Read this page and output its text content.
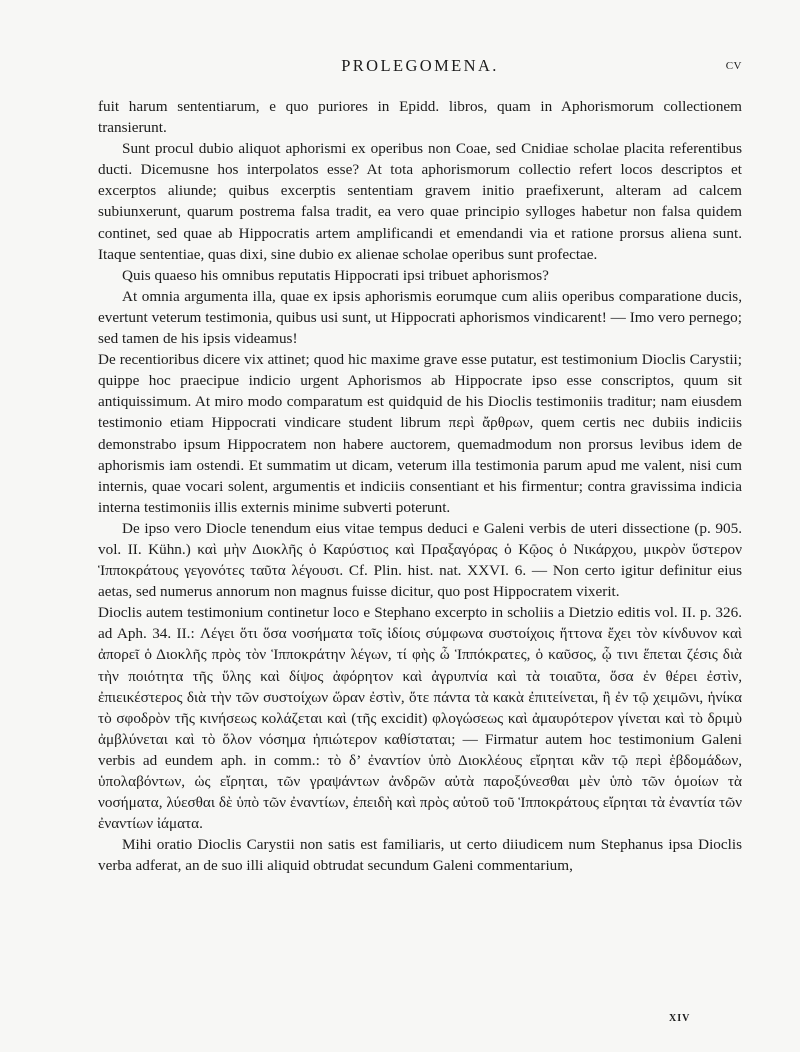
PROLEGOMENA.	cv

fuit harum sententiarum, e quo puriores in Epidd. libros, quam in Aphorismorum collectionem transierunt.

Sunt procul dubio aliquot aphorismi ex operibus non Coae, sed Cnidiae scholae placita referentibus ducti. Dicemusne hos interpolatos esse? At tota aphorismorum collectio refert locos descriptos et excerptos aliunde; quibus excerptis sententiam gravem initio praefixerunt, alteram ad calcem subiunxerunt, quarum postrema falsa tradit, ea vero quae principio sylloges habetur non falsa quidem continet, sed quae ab Hippocratis artem amplificandi et emendandi via et ratione prorsus aliena sunt. Itaque sententiae, quas dixi, sine dubio ex alienae scholae operibus sunt profectae.

Quis quaeso his omnibus reputatis Hippocrati ipsi tribuet aphorismos?

At omnia argumenta illa, quae ex ipsis aphorismis eorumque cum aliis operibus comparatione ducis, evertunt veterum testimonia, quibus usi sunt, ut Hippocrati aphorismos vindicarent! — Imo vero pernego; sed tamen de his ipsis videamus!

De recentioribus dicere vix attinet; quod hic maxime grave esse putatur, est testimonium Dioclis Carystii; quippe hoc praecipue indicio urgent Aphorismos ab Hippocrate ipso esse conscriptos, quum sit antiquissimum. At miro modo comparatum est quidquid de his Dioclis testimoniis traditur; nam eiusdem testimonio etiam Hippocrati vindicare student librum περὶ ἄρθρων, quem certis nec dubiis indiciis demonstrabo ipsum Hippocratem non habere auctorem, quemadmodum non prorsus levibus idem de aphorismis iam ostendi. Et summatim ut dicam, veterum illa testimonia parum apud me valent, nisi cum internis, quae vocari solent, argumentis et indiciis consentiant et his firmentur; contra gravissima indicia interna testimoniis illis externis minime subverti poterunt.

De ipso vero Diocle tenendum eius vitae tempus deduci e Galeni verbis de uteri dissectione (p. 905. vol. II. Kühn.) καὶ μὴν Διοκλῆς ὁ Καρύστιος καὶ Πραξαγόρας ὁ Κῷος ὁ Νικάρχου, μικρὸν ὕστερον Ἱπποκράτους γεγονότες ταῦτα λέγουσι. Cf. Plin. hist. nat. XXVI. 6. — Non certo igitur definitur eius aetas, sed numerus annorum non magnus fuisse dicitur, quo post Hippocratem vixerit.

Dioclis autem testimonium continetur loco e Stephano excerpto in scholiis a Dietzio editis vol. II. p. 326. ad Aph. 34. II.: Λέγει ὅτι ὅσα νοσήματα τοῖς ἰδίοις σύμφωνα συστοίχοις ἥττονα ἔχει τὸν κίνδυνον καὶ ἀπορεῖ ὁ Διοκλῆς πρὸς τὸν Ἱπποκράτην λέγων, τί φὴς ὦ Ἱππόκρατες, ὁ καῦσος, ᾧ τινι ἕπεται ζέσις διὰ τὴν ποιότητα τῆς ὕλης καὶ δίψος ἀφόρητον καὶ ἀγρυπνία καὶ τὰ τοιαῦτα, ὅσα ἐν θέρει ἐστὶν, ἐπιεικέστερος διὰ τὴν τῶν συστοίχων ὥραν ἐστὶν, ὅτε πάντα τὰ κακὰ ἐπιτείνεται, ἢ ἐν τῷ χειμῶνι, ἡνίκα τὸ σφοδρὸν τῆς κινήσεως κολάζεται καὶ (τῆς excidit) φλογώσεως καὶ ἀμαυρότερον γίνεται καὶ τὸ δριμὺ ἀμβλύνεται καὶ τὸ ὅλον νόσημα ἠπιώτερον καθίσταται; — Firmatur autem hoc testimonium Galeni verbis ad eundem aph. in comm.: τὸ δ’ ἐναντίον ὑπὸ Διοκλέους εἴρηται κἂν τῷ περὶ ἑβδομάδων, ὑπολαβόντων, ὡς εἴρηται, τῶν γραψάντων ἀνδρῶν αὐτὰ παροξύνεσθαι μὲν ὑπὸ τῶν ὁμοίων τὰ νοσήματα, λύεσθαι δὲ ὑπὸ τῶν ἐναντίων, ἐπειδὴ καὶ πρὸς αὐτοῦ τοῦ Ἱπποκράτους εἴρηται τὰ ἐναντία τῶν ἐναντίων ἰάματα.

Mihi oratio Dioclis Carystii non satis est familiaris, ut certo diiudicem num Stephanus ipsa Dioclis verba adferat, an de suo illi aliquid obtrudat secundum Galeni commentarium,

XIV
